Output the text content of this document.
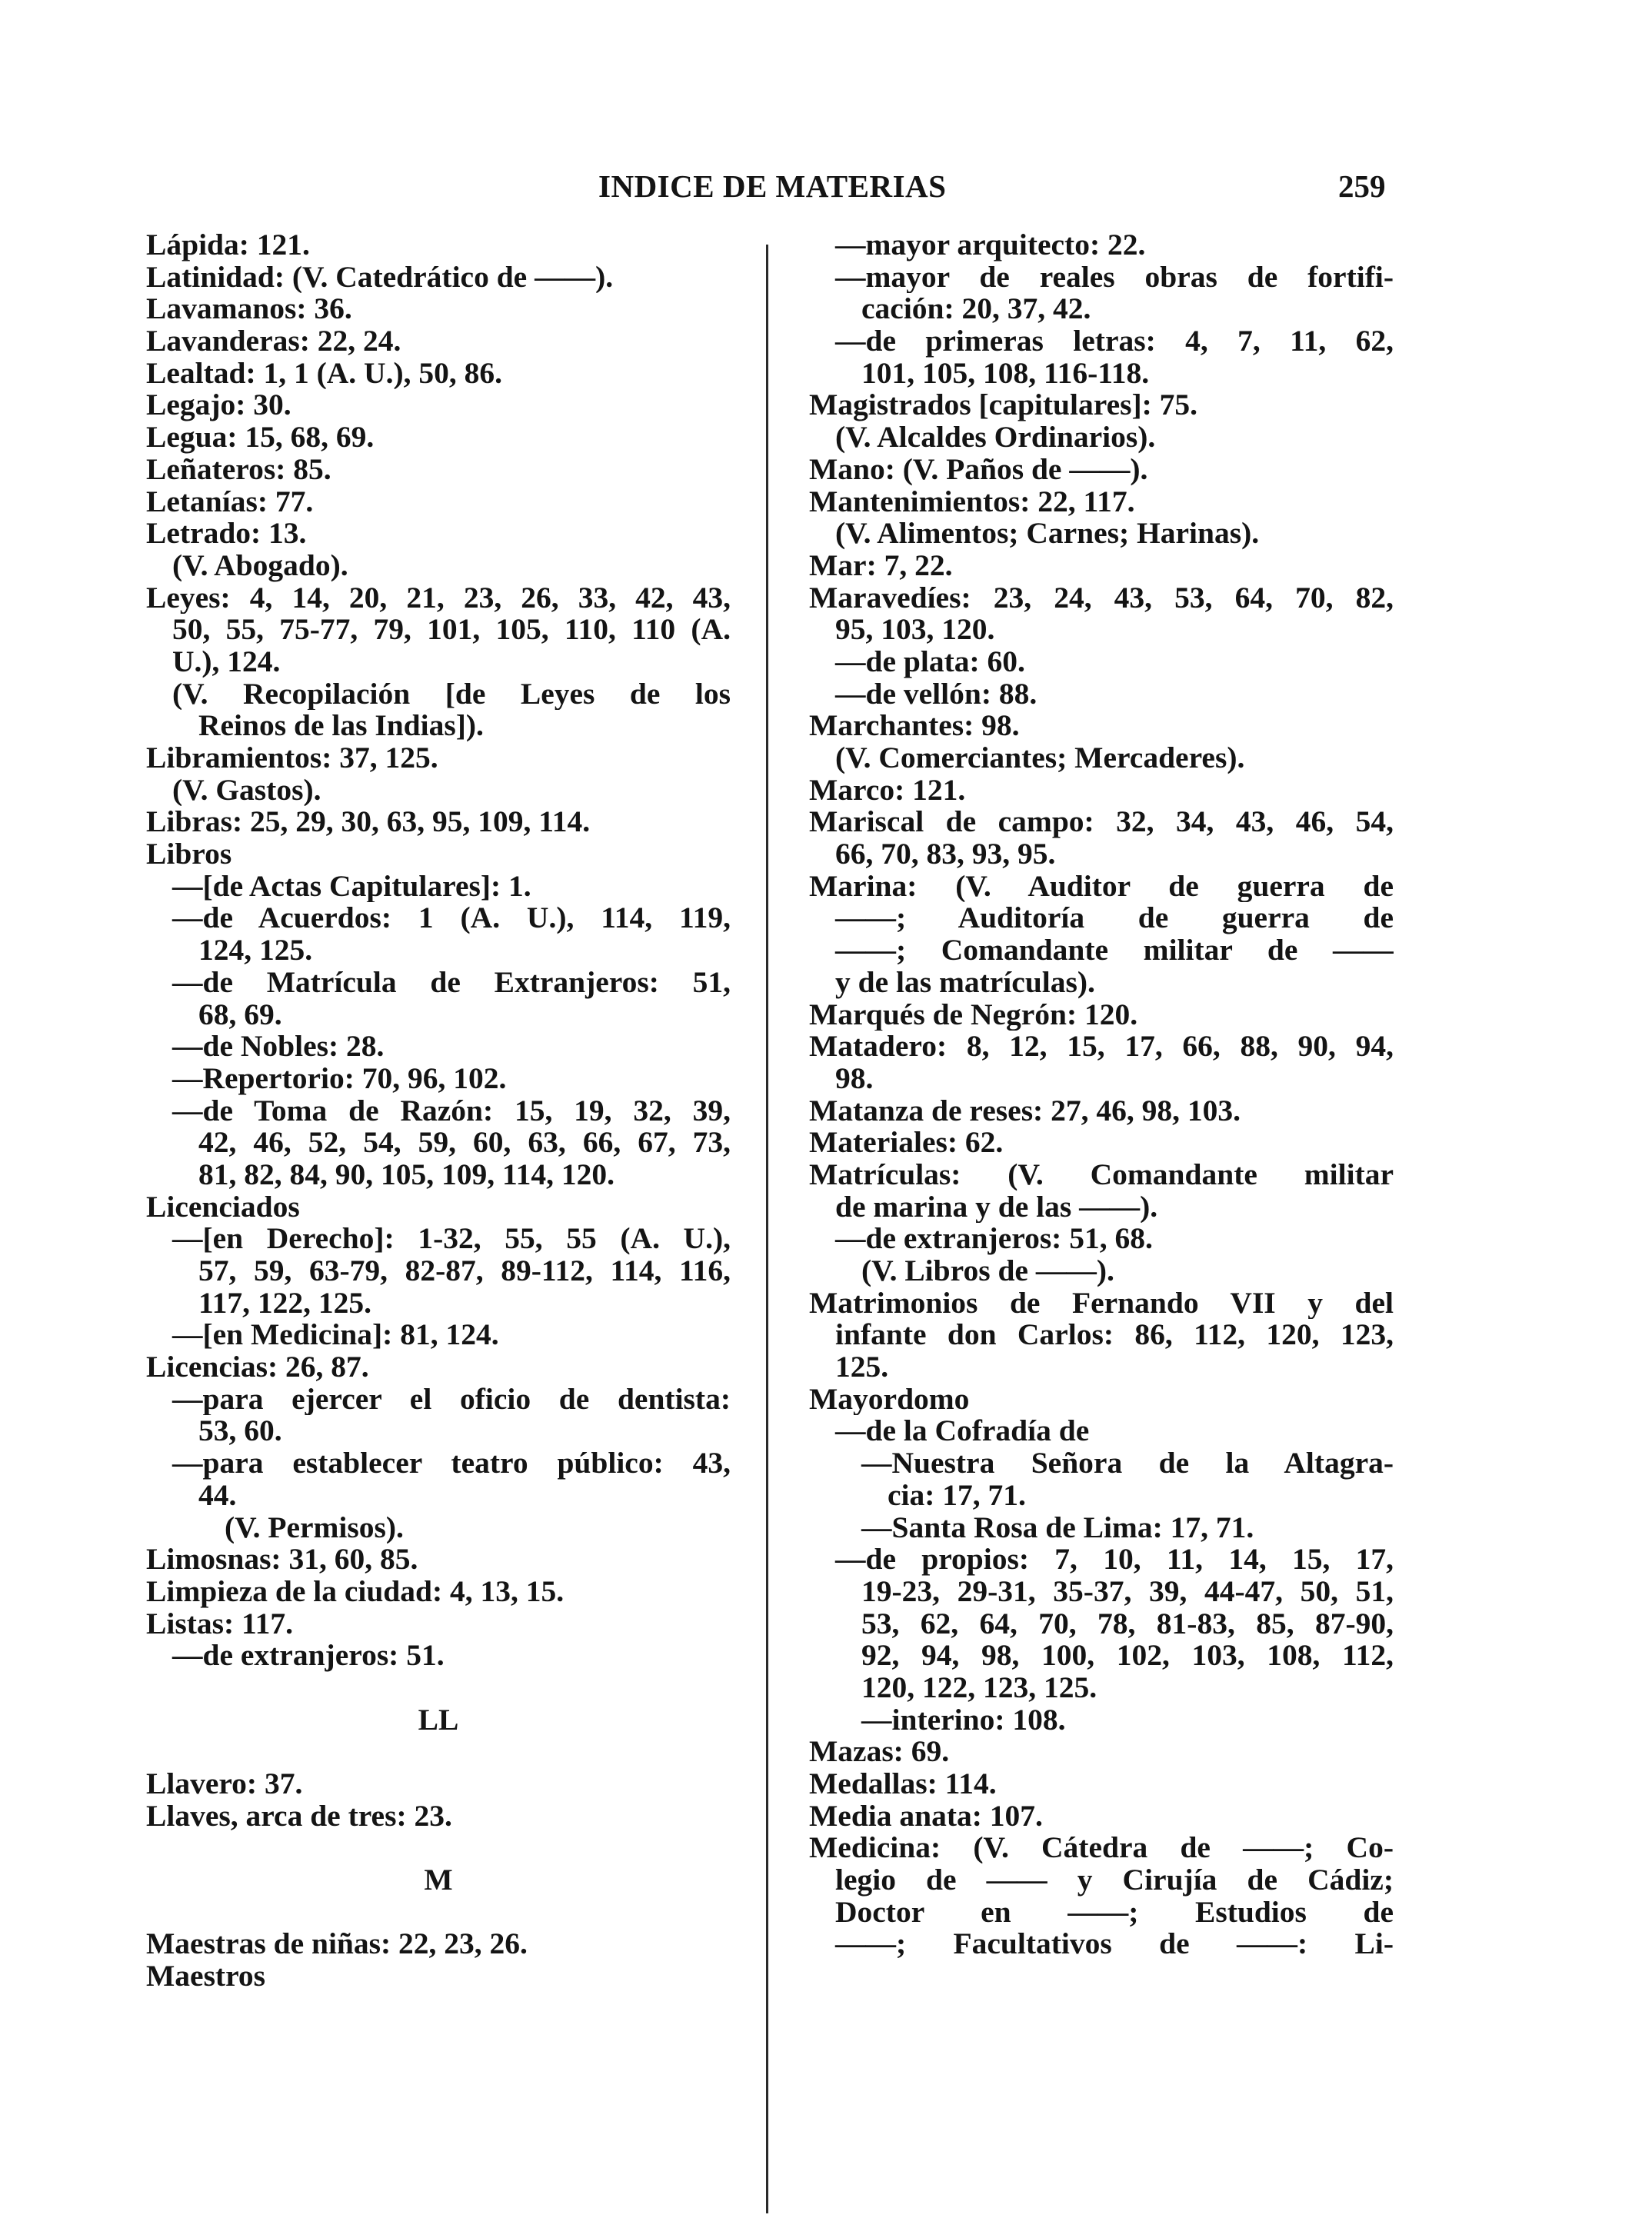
INDICE DE MATERIAS	259
Lápida: 121.
Latinidad: (V. Catedrático de ——).
Lavamanos: 36.
Lavanderas: 22, 24.
Lealtad: 1, 1 (A. U.), 50, 86.
Legajo: 30.
Legua: 15, 68, 69.
Leñateros: 85.
Letanías: 77.
Letrado: 13.
(V. Abogado).
Leyes: 4, 14, 20, 21, 23, 26, 33, 42, 43,
50, 55, 75-77, 79, 101, 105, 110, 110 (A.
U.), 124.
(V. Recopilación [de Leyes de los
Reinos de las Indias]).
Libramientos: 37, 125.
(V. Gastos).
Libras: 25, 29, 30, 63, 95, 109, 114.
Libros
—[de Actas Capitulares]: 1.
—de Acuerdos: 1 (A. U.), 114, 119,
124, 125.
—de Matrícula de Extranjeros: 51,
68, 69.
—de Nobles: 28.
—Repertorio: 70, 96, 102.
—de Toma de Razón: 15, 19, 32, 39,
42, 46, 52, 54, 59, 60, 63, 66, 67, 73,
81, 82, 84, 90, 105, 109, 114, 120.
Licenciados
—[en Derecho]: 1-32, 55, 55 (A. U.),
57, 59, 63-79, 82-87, 89-112, 114, 116,
117, 122, 125.
—[en Medicina]: 81, 124.
Licencias: 26, 87.
—para ejercer el oficio de dentista:
53, 60.
—para establecer teatro público: 43,
44.
(V. Permisos).
Limosnas: 31, 60, 85.
Limpieza de la ciudad: 4, 13, 15.
Listas: 117.
—de extranjeros: 51.
LL
Llavero: 37.
Llaves, arca de tres: 23.
M
Maestras de niñas: 22, 23, 26.
Maestros
—mayor arquitecto: 22.
—mayor de reales obras de fortifi-
cación: 20, 37, 42.
—de primeras letras: 4, 7, 11, 62,
101, 105, 108, 116-118.
Magistrados [capitulares]: 75.
(V. Alcaldes Ordinarios).
Mano: (V. Paños de ——).
Mantenimientos: 22, 117.
(V. Alimentos; Carnes; Harinas).
Mar: 7, 22.
Maravedíes: 23, 24, 43, 53, 64, 70, 82,
95, 103, 120.
—de plata: 60.
—de vellón: 88.
Marchantes: 98.
(V. Comerciantes; Mercaderes).
Marco: 121.
Mariscal de campo: 32, 34, 43, 46, 54,
66, 70, 83, 93, 95.
Marina: (V. Auditor de guerra de
——; Auditoría de guerra de
——; Comandante militar de ——
y de las matrículas).
Marqués de Negrón: 120.
Matadero: 8, 12, 15, 17, 66, 88, 90, 94,
98.
Matanza de reses: 27, 46, 98, 103.
Materiales: 62.
Matrículas: (V. Comandante militar
de marina y de las ——).
—de extranjeros: 51, 68.
(V. Libros de ——).
Matrimonios de Fernando VII y del
infante don Carlos: 86, 112, 120, 123,
125.
Mayordomo
—de la Cofradía de
—Nuestra Señora de la Altagra-
cia: 17, 71.
—Santa Rosa de Lima: 17, 71.
—de propios: 7, 10, 11, 14, 15, 17,
19-23, 29-31, 35-37, 39, 44-47, 50, 51,
53, 62, 64, 70, 78, 81-83, 85, 87-90,
92, 94, 98, 100, 102, 103, 108, 112,
120, 122, 123, 125.
—interino: 108.
Mazas: 69.
Medallas: 114.
Media anata: 107.
Medicina: (V. Cátedra de ——; Co-
legio de —— y Cirujía de Cádiz;
Doctor en ——; Estudios de
——; Facultativos de ——: Li-
